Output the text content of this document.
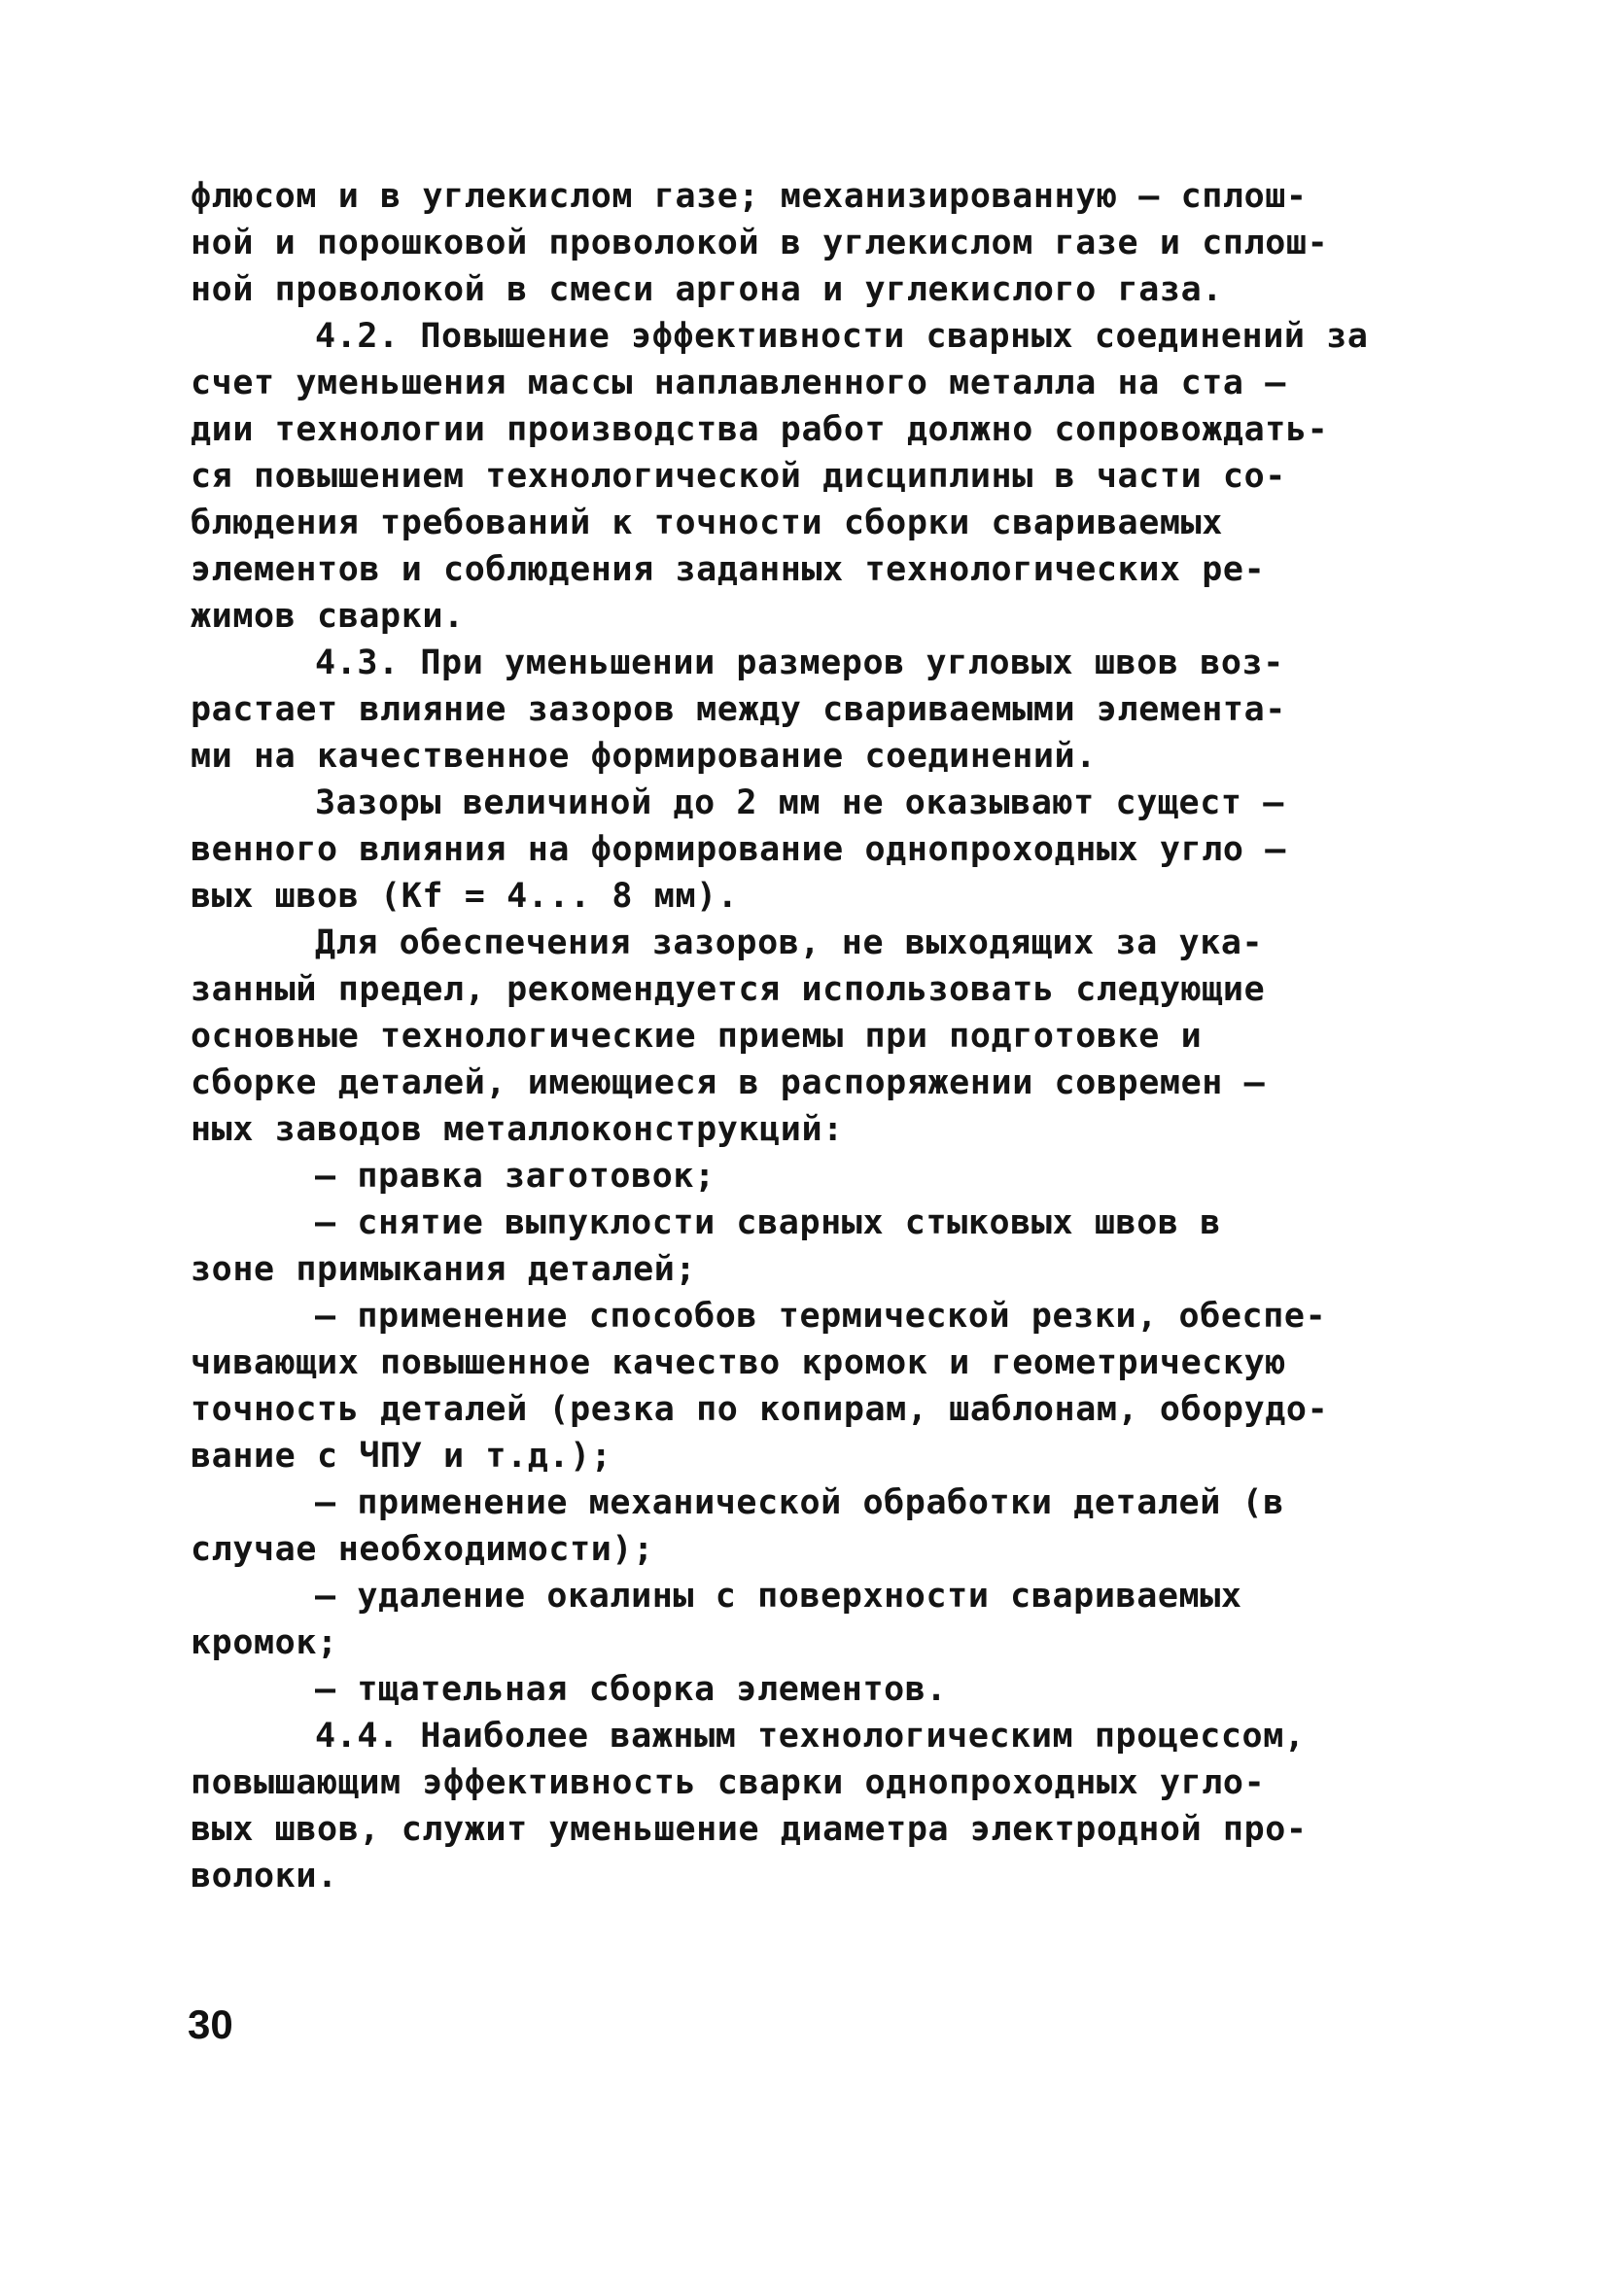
флюсом и в углекислом газе; механизированную – сплош-
ной и порошковой проволокой в углекислом газе и сплош-
ной проволокой в смеси аргона и углекислого газа.
4.2. Повышение эффективности сварных соединений за
счет уменьшения массы наплавленного металла на ста –
дии технологии производства работ должно сопровождать-
ся повышением технологической дисциплины в части со-
блюдения требований к точности сборки свариваемых
элементов и соблюдения заданных технологических ре-
жимов сварки.
4.3. При уменьшении размеров угловых швов воз-
растает влияние зазоров между свариваемыми элемента-
ми на качественное формирование соединений.
Зазоры величиной до 2 мм не оказывают сущест –
венного влияния на формирование однопроходных угло –
вых швов (Kf = 4... 8 мм).
Для обеспечения зазоров, не выходящих за ука-
занный предел, рекомендуется использовать следующие
основные технологические приемы при подготовке и
сборке деталей, имеющиеся в распоряжении современ –
ных заводов металлоконструкций:
– правка заготовок;
– снятие выпуклости сварных стыковых швов в
зоне примыкания деталей;
– применение способов термической резки, обеспе-
чивающих повышенное качество кромок и геометрическую
точность деталей (резка по копирам, шаблонам, оборудо-
вание с ЧПУ и т.д.);
– применение механической обработки деталей (в
случае необходимости);
– удаление окалины с поверхности свариваемых
кромок;
– тщательная сборка элементов.
4.4. Наиболее важным технологическим процессом,
повышающим эффективность сварки однопроходных угло-
вых швов, служит уменьшение диаметра электродной про-
волоки.
30
